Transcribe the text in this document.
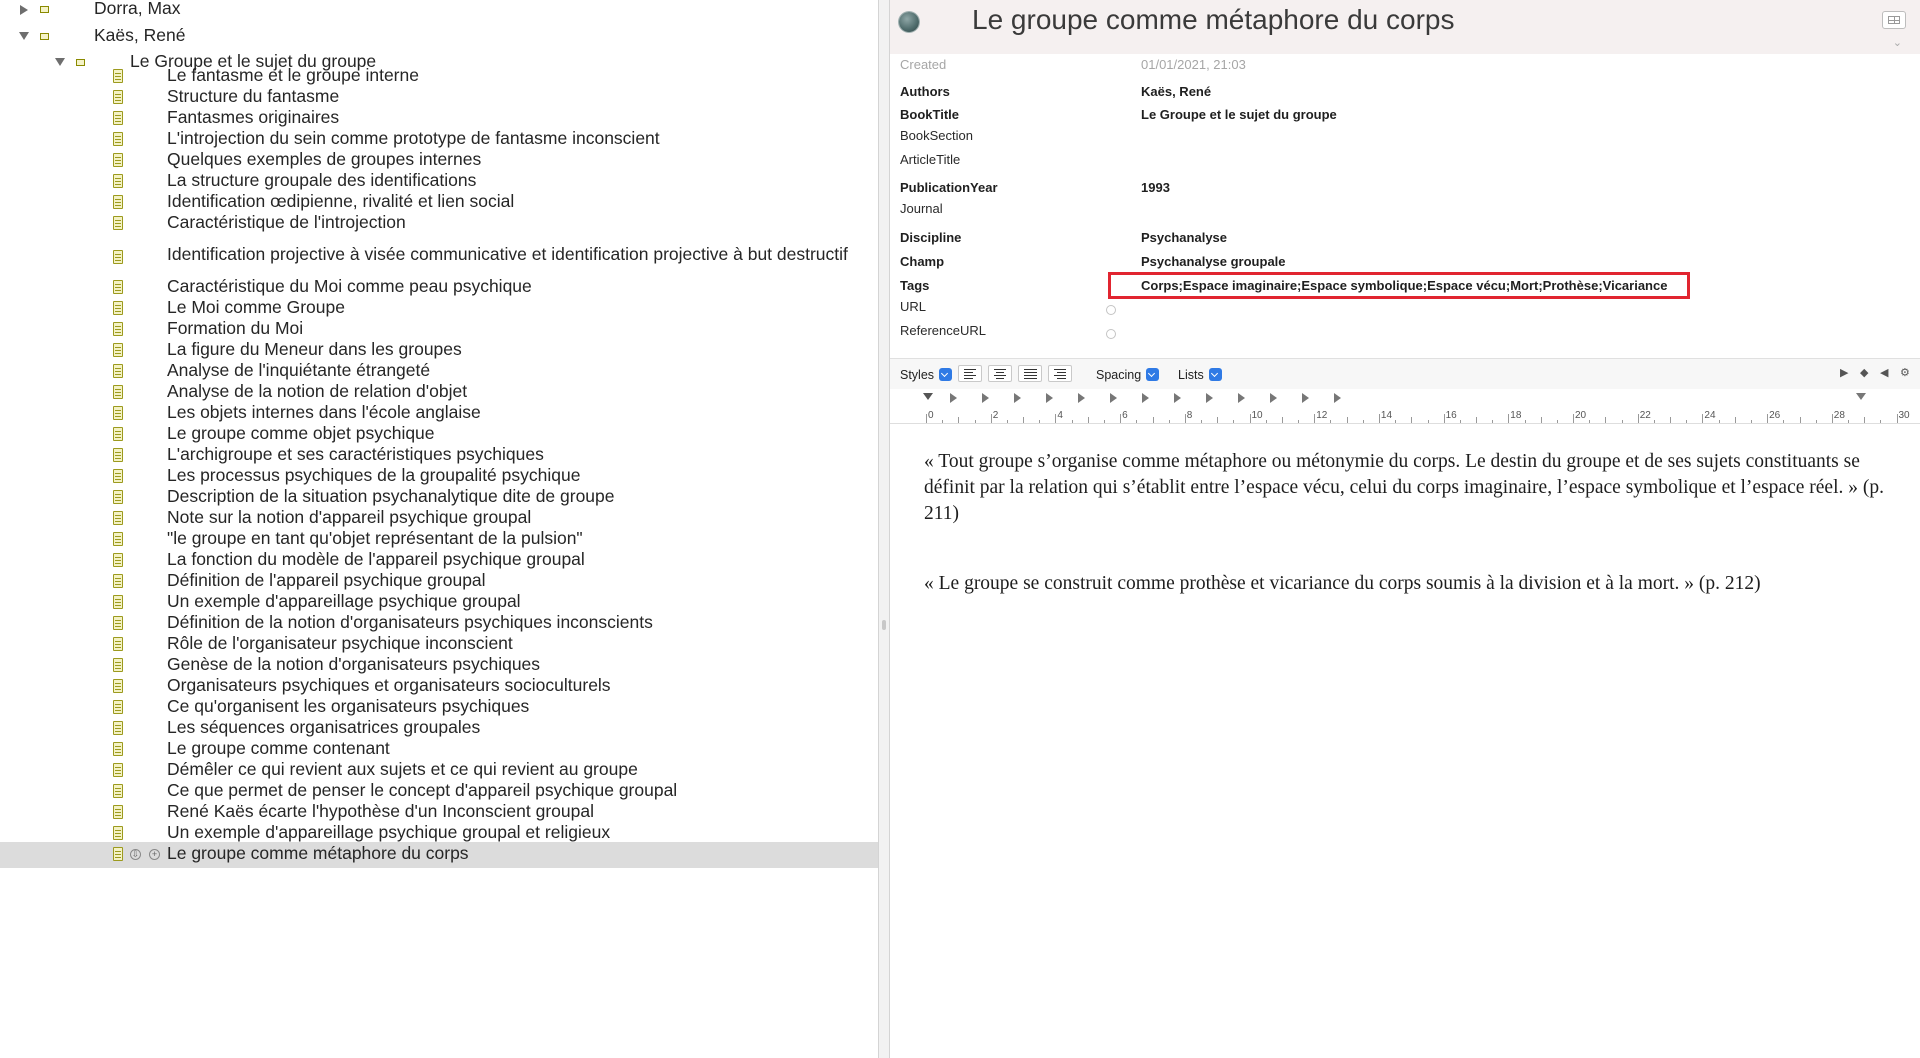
Dorra, Max
Kaës, René
Le Groupe et le sujet du groupe
Le fantasme et le groupe interne
Structure du fantasme
Fantasmes originaires
L'introjection du sein comme prototype de fantasme inconscient
Quelques exemples de groupes internes
La structure groupale des identifications
Identification œdipienne, rivalité et lien social
Caractéristique de l'introjection
Identification projective à visée communicative et identification projective à but destructif
Caractéristique du Moi comme peau psychique
Le Moi comme Groupe
Formation du Moi
La figure du Meneur dans les groupes
Analyse de l'inquiétante étrangeté
Analyse de la notion de relation d'objet
Les objets internes dans l'école anglaise
Le groupe comme objet psychique
L'archigroupe et ses caractéristiques psychiques
Les processus psychiques de la groupalité psychique
Description de la situation psychanalytique dite de groupe
Note sur la notion d'appareil psychique groupal
"le groupe en tant qu'objet représentant de la pulsion"
La fonction du modèle de l'appareil psychique groupal
Définition de l'appareil psychique groupal
Un exemple d'appareillage psychique groupal
Définition de la notion d'organisateurs psychiques inconscients
Rôle de l'organisateur psychique inconscient
Genèse de la notion d'organisateurs psychiques
Organisateurs psychiques et organisateurs socioculturels
Ce qu'organisent les organisateurs psychiques
Les séquences organisatrices groupales
Le groupe comme contenant
Démêler ce qui revient aux sujets et ce qui revient au groupe
Ce que permet de penser le concept d'appareil psychique groupal
René Kaës écarte l'hypothèse d'un Inconscient groupal
Un exemple d'appareillage psychique groupal et religieux
⇩	+ Le groupe comme métaphore du corps
Le groupe comme métaphore du corps
⌄
Created	01/01/2021, 21:03
Authors	Kaës, René
BookTitle	Le Groupe et le sujet du groupe
BookSection
ArticleTitle
PublicationYear	1993
Journal
Discipline	Psychanalyse
Champ	Psychanalyse groupale
Tags	Corps;Espace imaginaire;Espace symbolique;Espace vécu;Mort;Prothèse;Vicariance
URL
ReferenceURL
Styles	Spacing	Lists	▶ ◆ ◀ ⚙
0	2	4	6	8	10	12	14	16	18	20	22	24	26	28	30
« Tout groupe s’organise comme métaphore ou métonymie du corps. Le destin du groupe et de ses sujets constituants se définit par la relation qui s’établit entre l’espace vécu, celui du corps imaginaire, l’espace symbolique et l’espace réel. » (p. 211)
« Le groupe se construit comme prothèse et vicariance du corps soumis à la division et à la mort. » (p. 212)
